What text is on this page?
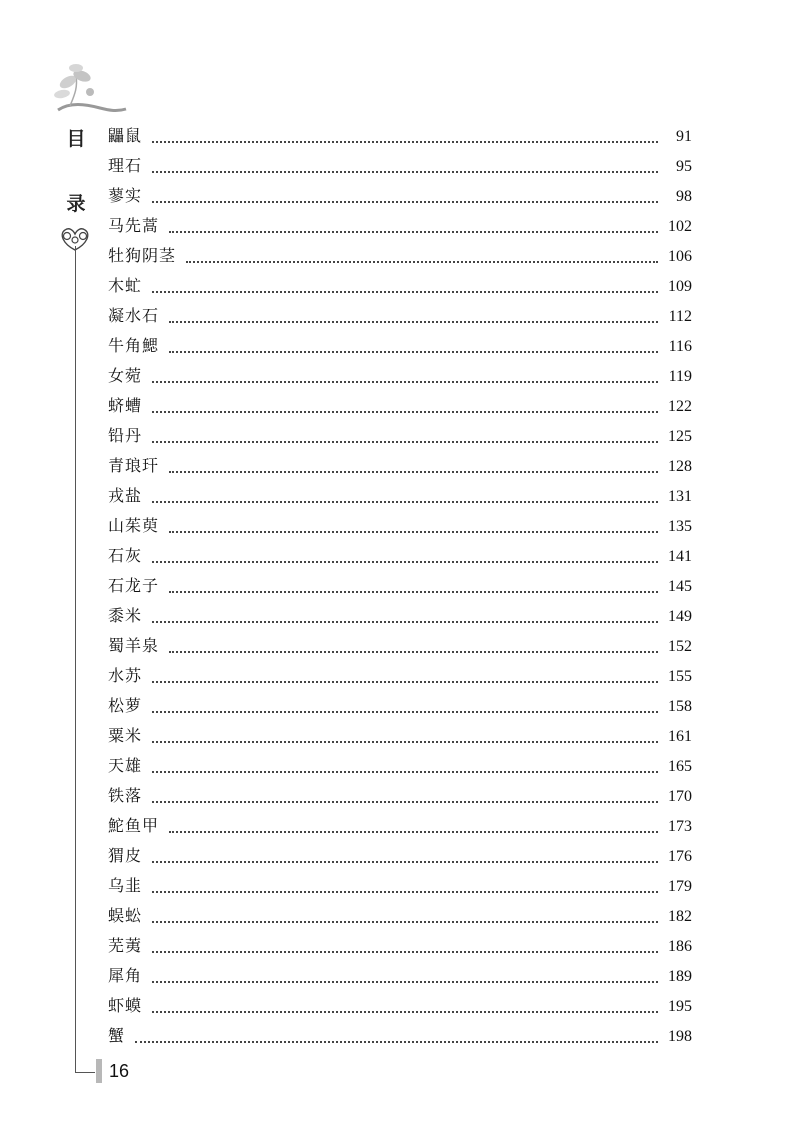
目
录
16
鼺鼠	91
理石	95
蓼实	98
马先蒿	102
牡狗阴茎	106
木虻	109
凝水石	112
牛角鰓	116
女菀	119
蛴螬	122
铅丹	125
青琅玕	128
戎盐	131
山茱萸	135
石灰	141
石龙子	145
黍米	149
蜀羊泉	152
水苏	155
松萝	158
粟米	161
天雄	165
铁落	170
鮀鱼甲	173
猬皮	176
乌韭	179
蜈蚣	182
芜荑	186
犀角	189
虾蟆	195
蟹	198
